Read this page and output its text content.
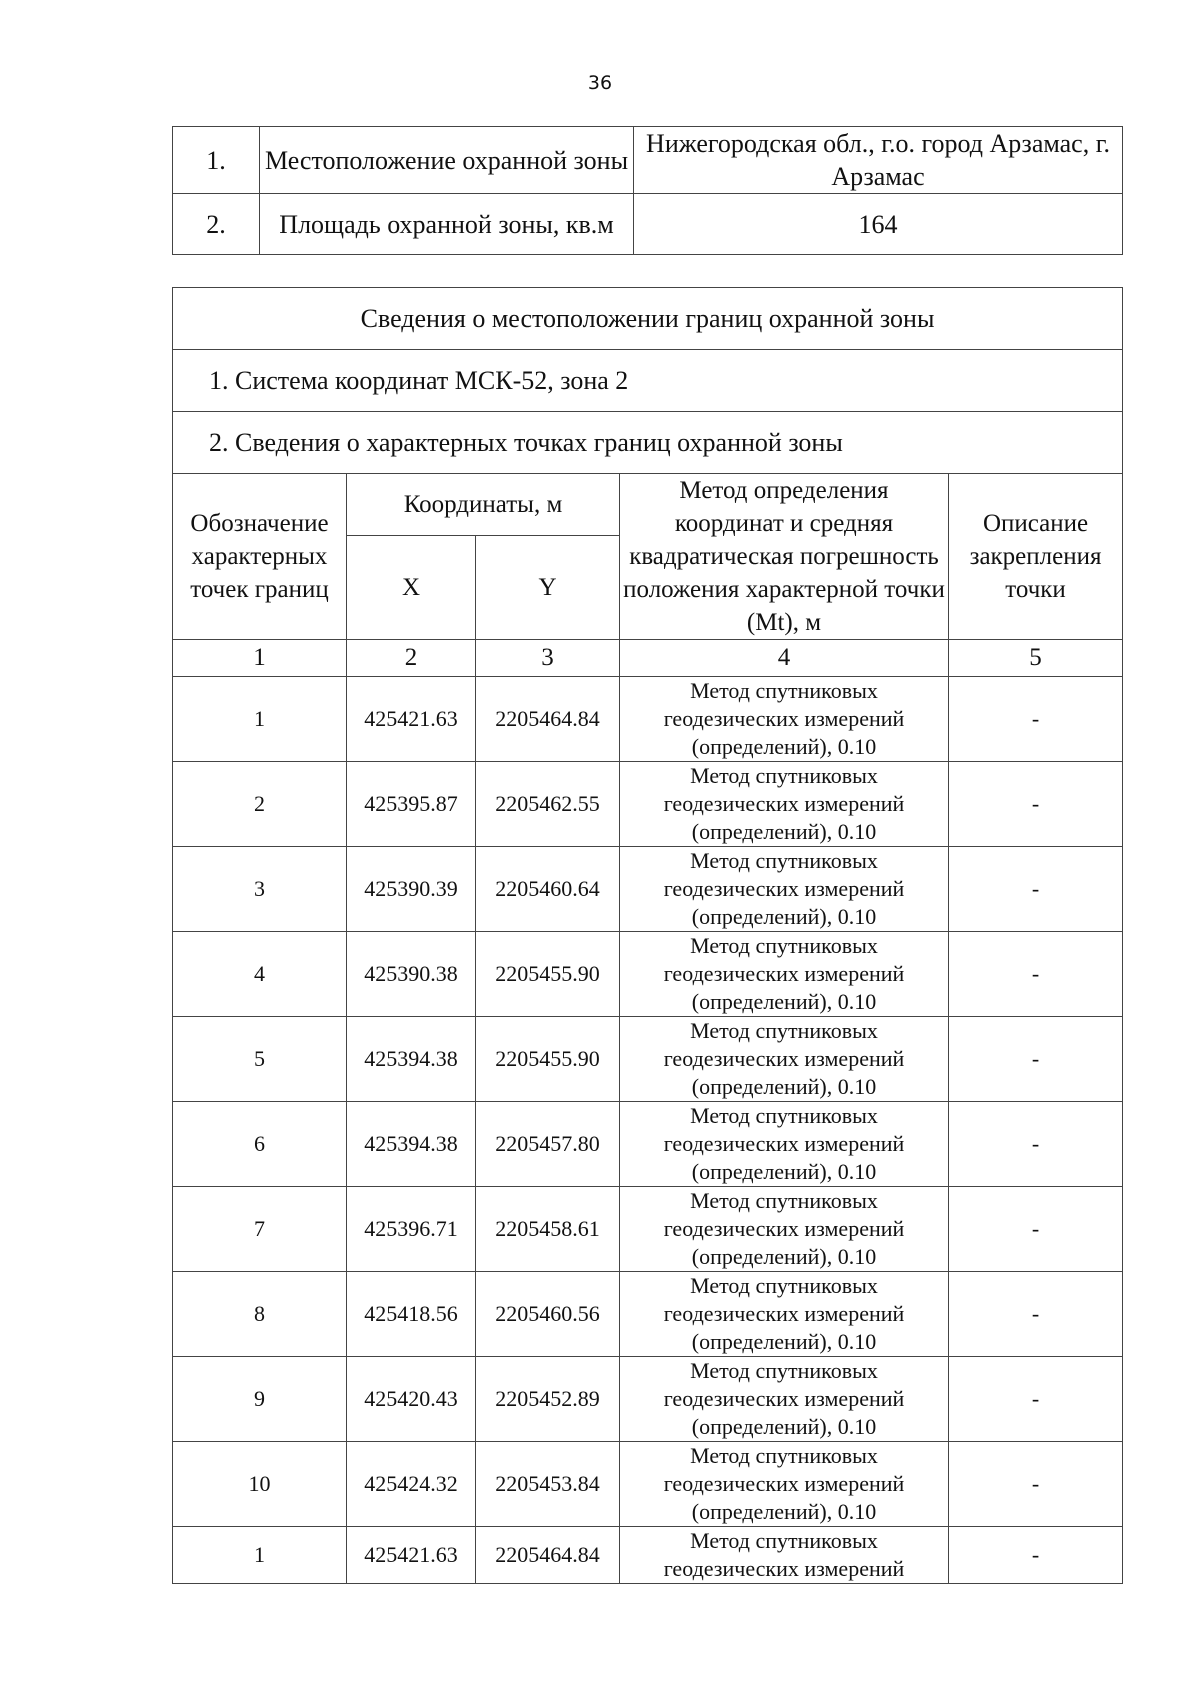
36
1.	Местоположение охранной зоны	Нижегородская обл., г.о. город Арзамас, г. Арзамас
2.	Площадь охранной зоны, кв.м	164
Сведения о местоположении границ охранной зоны				
1. Система координат МСК-52, зона 2				
2. Сведения о характерных точках границ охранной зоны				
Обозначение характерных точек границ	Координаты, м		Метод определения координат и средняя квадратическая погрешность положения характерной точки (Mt), м	Описание закрепления точки
	X	Y		
1	2	3	4	5
1	425421.63	2205464.84	Метод спутниковых
геодезических измерений
(определений), 0.10	-
2	425395.87	2205462.55	Метод спутниковых
геодезических измерений
(определений), 0.10	-
3	425390.39	2205460.64	Метод спутниковых
геодезических измерений
(определений), 0.10	-
4	425390.38	2205455.90	Метод спутниковых
геодезических измерений
(определений), 0.10	-
5	425394.38	2205455.90	Метод спутниковых
геодезических измерений
(определений), 0.10	-
6	425394.38	2205457.80	Метод спутниковых
геодезических измерений
(определений), 0.10	-
7	425396.71	2205458.61	Метод спутниковых
геодезических измерений
(определений), 0.10	-
8	425418.56	2205460.56	Метод спутниковых
геодезических измерений
(определений), 0.10	-
9	425420.43	2205452.89	Метод спутниковых
геодезических измерений
(определений), 0.10	-
10	425424.32	2205453.84	Метод спутниковых
геодезических измерений
(определений), 0.10	-
1	425421.63	2205464.84	Метод спутниковых
геодезических измерений	-
